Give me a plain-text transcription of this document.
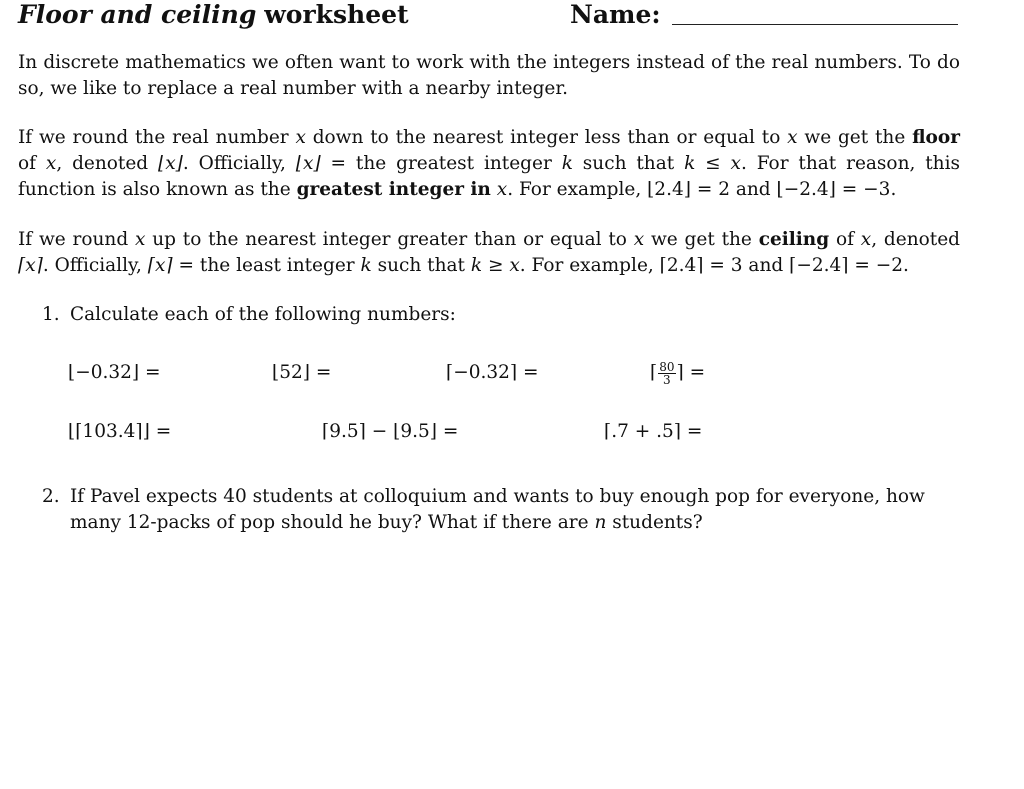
Floor and ceiling worksheet	Name:
In discrete mathematics we often want to work with the integers instead of the real numbers. To do so, we like to replace a real number with a nearby integer.
If we round the real number x down to the nearest integer less than or equal to x we get the floor of x, denoted ⌊x⌋. Officially, ⌊x⌋ = the greatest integer k such that k ≤ x. For that reason, this function is also known as the greatest integer in x. For example, ⌊2.4⌋ = 2 and ⌊−2.4⌋ = −3.
If we round x up to the nearest integer greater than or equal to x we get the ceiling of x, denoted ⌈x⌉. Officially, ⌈x⌉ = the least integer k such that k ≥ x. For example, ⌈2.4⌉ = 3 and ⌈−2.4⌉ = −2.
1. Calculate each of the following numbers:
⌊−0.32⌋ =	⌊52⌋ =	⌈−0.32⌉ =	⌈ $\frac{80}{3}$ ⌉ =
⌊⌈103.4⌉⌋ =	⌈9.5⌉ − ⌊9.5⌋ =	⌈.7 + .5⌉ =
2. If Pavel expects 40 students at colloquium and wants to buy enough pop for everyone, how many 12-packs of pop should he buy? What if there are n students?
